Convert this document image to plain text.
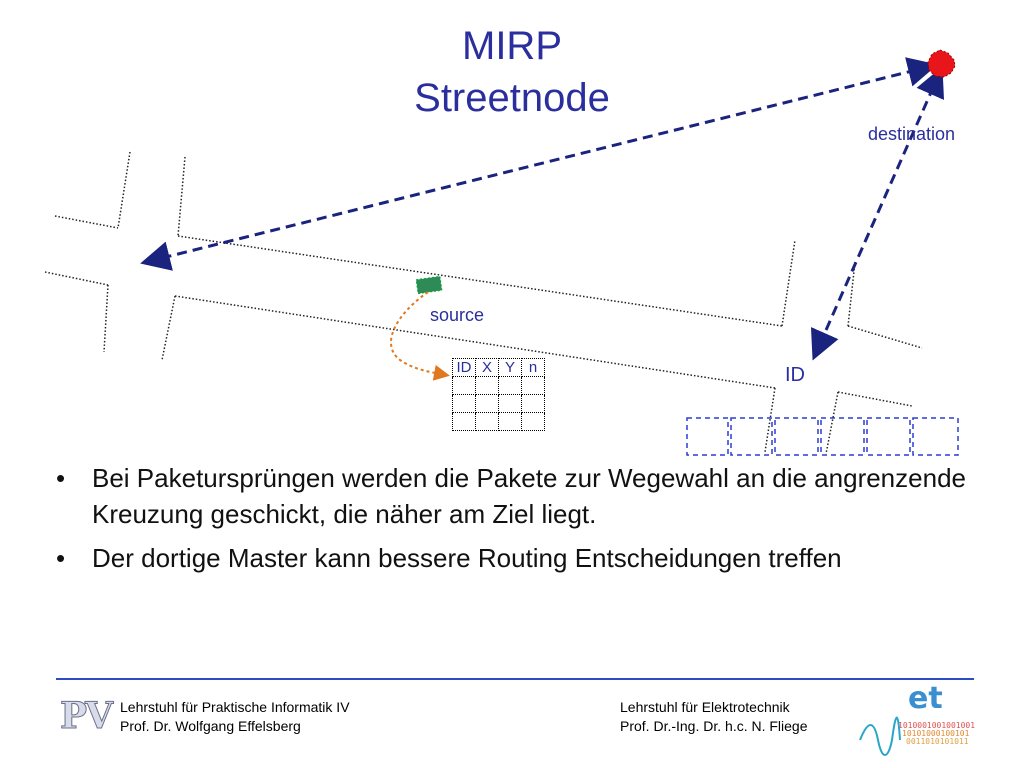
MIRP
Streetnode
destination
source
ID
ID	X	Y	n

• Bei Paketursprüngen werden die Pakete zur Wegewahl an die angrenzende Kreuzung geschickt, die näher am Ziel liegt.
• Der dortige Master kann bessere Routing Entscheidungen treffen
PV Lehrstuhl für Praktische Informatik IV
Prof. Dr. Wolfgang Effelsberg
Lehrstuhl für Elektrotechnik
Prof. Dr.-Ing. Dr. h.c. N. Fliege
et
1010001001001001
10101000100101
0011010101011
